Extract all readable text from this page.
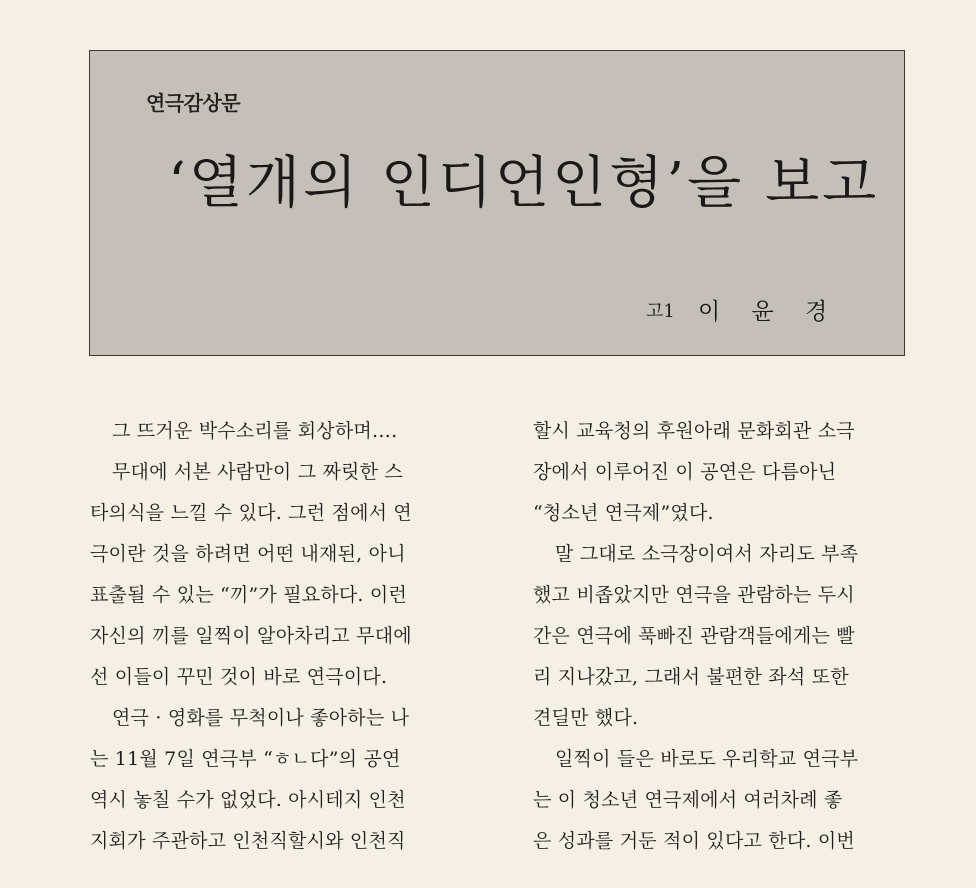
연극감상문

‘열개의 인디언인형’을 보고
고1 이 윤 경
그 뜨거운 박수소리를 회상하며….
무대에 서본 사람만이 그 짜릿한 스
타의식을 느낄 수 있다. 그런 점에서 연
극이란 것을 하려면 어떤 내재된, 아니
표출될 수 있는 “끼”가 필요하다. 이런
자신의 끼를 일찍이 알아차리고 무대에
선 이들이 꾸민 것이 바로 연극이다.
연극 · 영화를 무척이나 좋아하는 나
는 11월 7일 연극부 “ㅎㄴ다”의 공연
역시 놓칠 수가 없었다. 아시테지 인천
지회가 주관하고 인천직할시와 인천직
할시 교육청의 후원아래 문화회관 소극
장에서 이루어진 이 공연은 다름아닌
“청소년 연극제”였다.
말 그대로 소극장이여서 자리도 부족
했고 비좁았지만 연극을 관람하는 두시
간은 연극에 푹빠진 관람객들에게는 빨
리 지나갔고, 그래서 불편한 좌석 또한
견딜만 했다.
일찍이 들은 바로도 우리학교 연극부
는 이 청소년 연극제에서 여러차례 좋
은 성과를 거둔 적이 있다고 한다. 이번
